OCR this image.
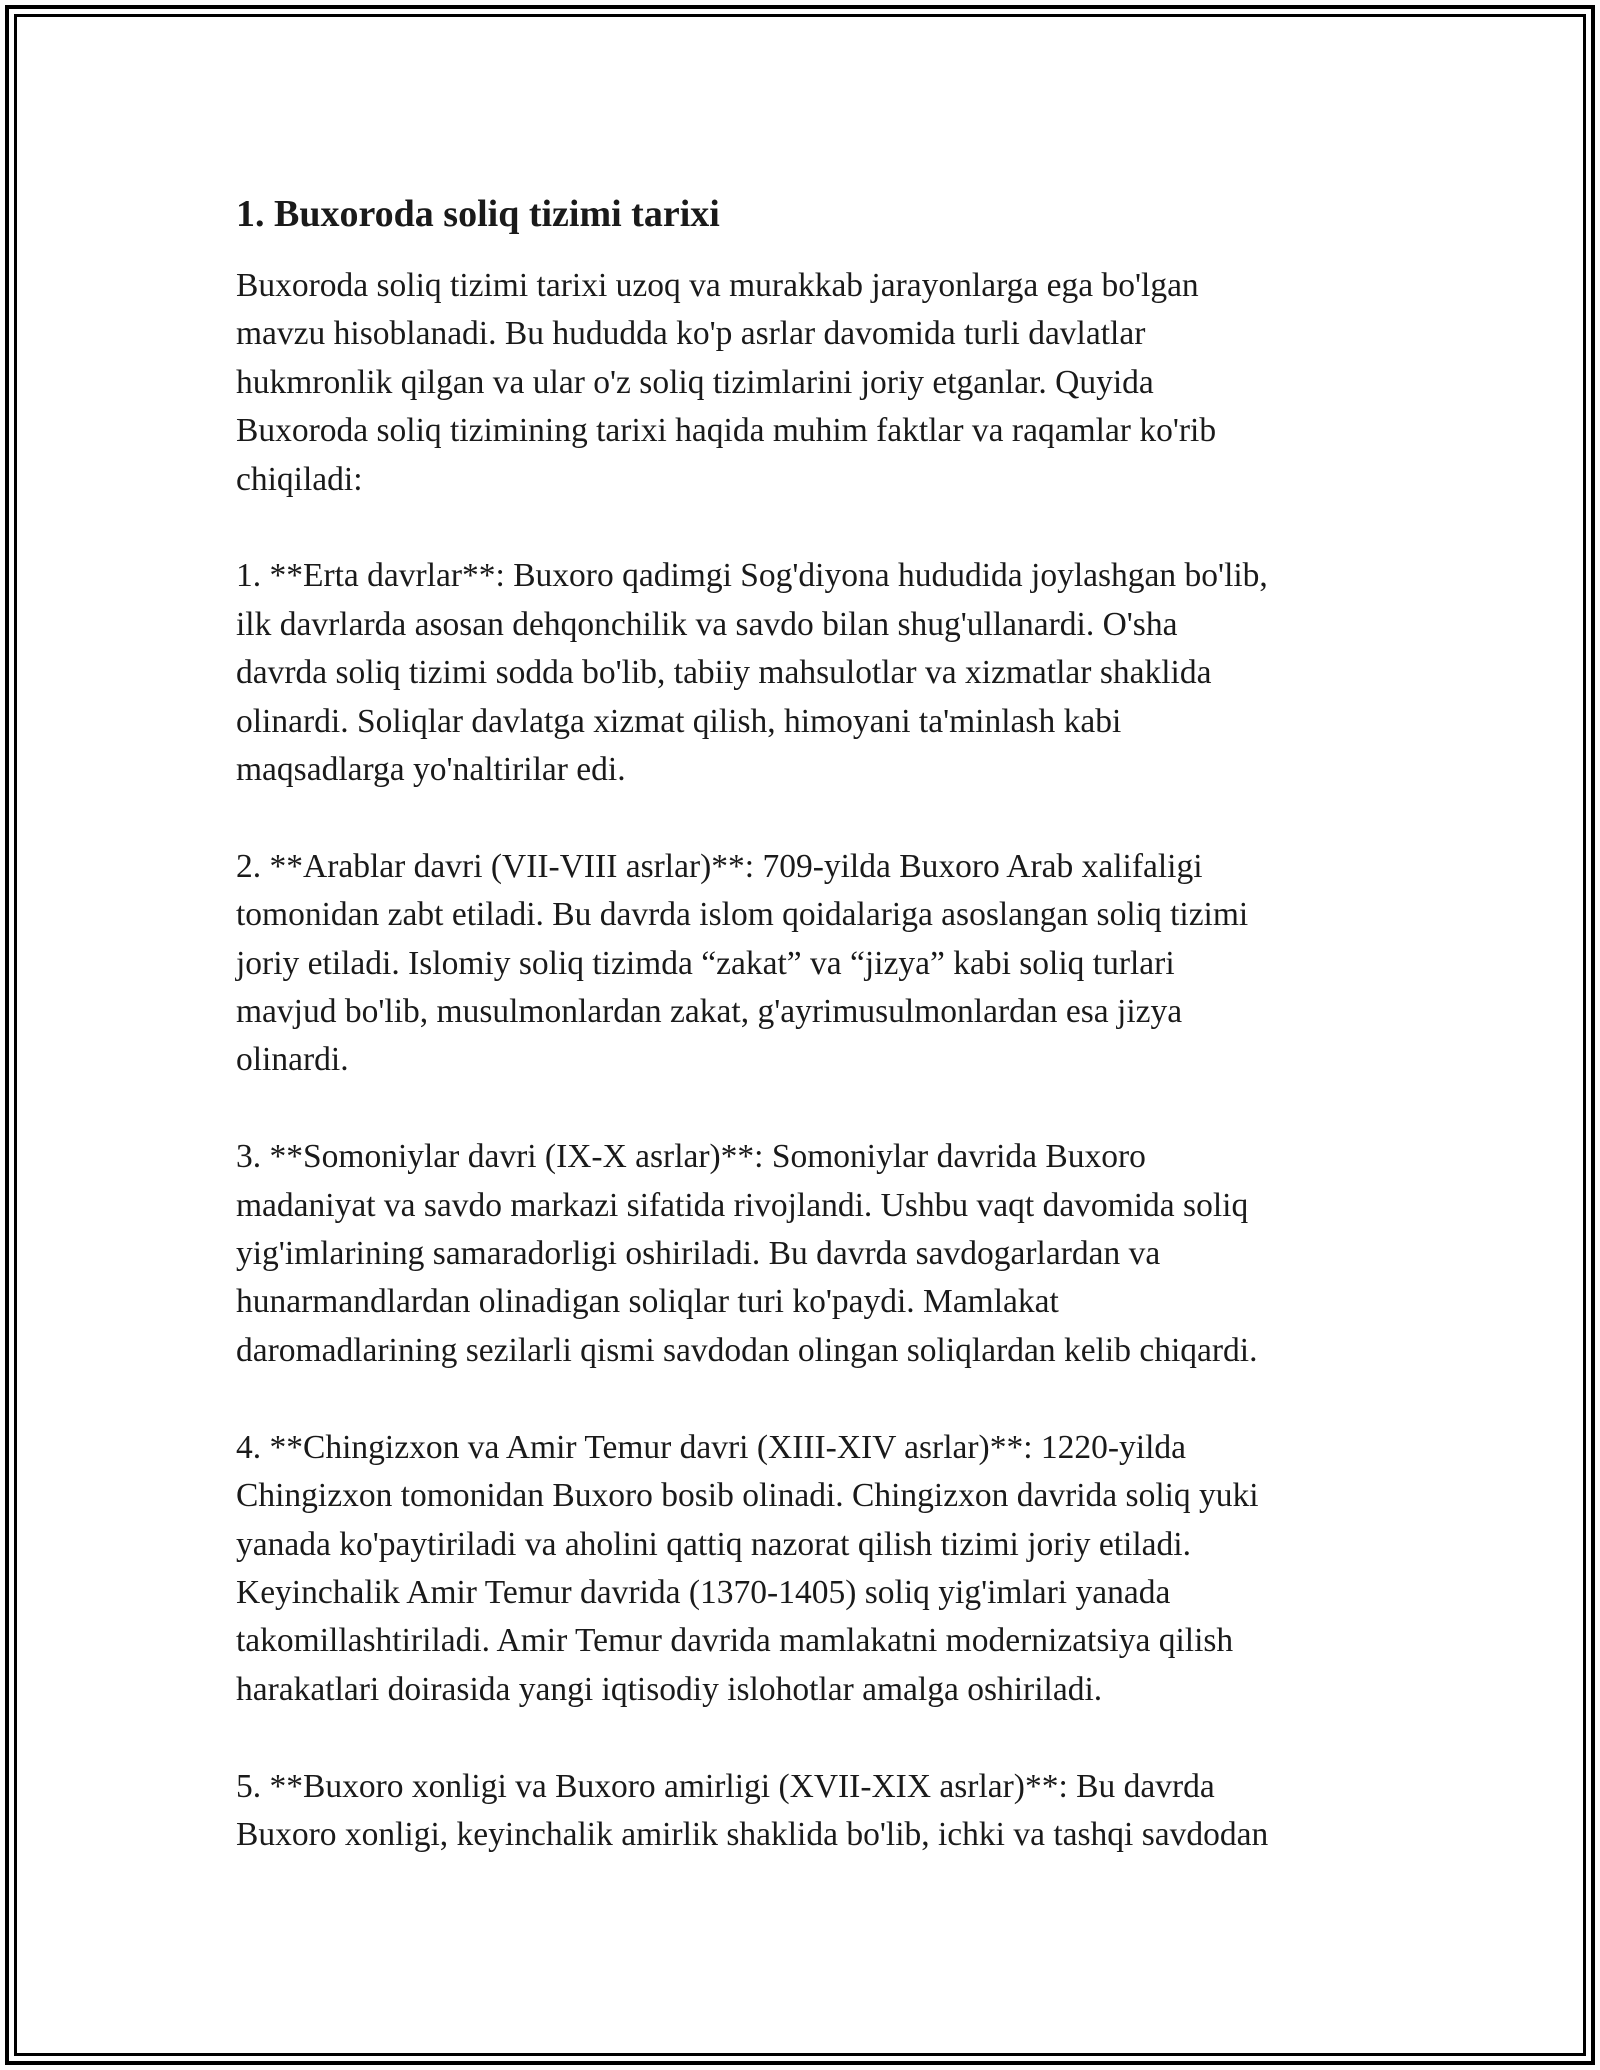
1. Buxoroda soliq tizimi tarixi

Buxoroda soliq tizimi tarixi uzoq va murakkab jarayonlarga ega bo'lgan
mavzu hisoblanadi. Bu hududda ko'p asrlar davomida turli davlatlar
hukmronlik qilgan va ular o'z soliq tizimlarini joriy etganlar. Quyida
Buxoroda soliq tizimining tarixi haqida muhim faktlar va raqamlar ko'rib
chiqiladi:

1. **Erta davrlar**: Buxoro qadimgi Sog'diyona hududida joylashgan bo'lib,
ilk davrlarda asosan dehqonchilik va savdo bilan shug'ullanardi. O'sha
davrda soliq tizimi sodda bo'lib, tabiiy mahsulotlar va xizmatlar shaklida
olinardi. Soliqlar davlatga xizmat qilish, himoyani ta'minlash kabi
maqsadlarga yo'naltirilar edi.

2. **Arablar davri (VII-VIII asrlar)**: 709-yilda Buxoro Arab xalifaligi
tomonidan zabt etiladi. Bu davrda islom qoidalariga asoslangan soliq tizimi
joriy etiladi. Islomiy soliq tizimda “zakat” va “jizya” kabi soliq turlari
mavjud bo'lib, musulmonlardan zakat, g'ayrimusulmonlardan esa jizya
olinardi.

3. **Somoniylar davri (IX-X asrlar)**: Somoniylar davrida Buxoro
madaniyat va savdo markazi sifatida rivojlandi. Ushbu vaqt davomida soliq
yig'imlarining samaradorligi oshiriladi. Bu davrda savdogarlardan va
hunarmandlardan olinadigan soliqlar turi ko'paydi. Mamlakat
daromadlarining sezilarli qismi savdodan olingan soliqlardan kelib chiqardi.

4. **Chingizxon va Amir Temur davri (XIII-XIV asrlar)**: 1220-yilda
Chingizxon tomonidan Buxoro bosib olinadi. Chingizxon davrida soliq yuki
yanada ko'paytiriladi va aholini qattiq nazorat qilish tizimi joriy etiladi.
Keyinchalik Amir Temur davrida (1370-1405) soliq yig'imlari yanada
takomillashtiriladi. Amir Temur davrida mamlakatni modernizatsiya qilish
harakatlari doirasida yangi iqtisodiy islohotlar amalga oshiriladi.

5. **Buxoro xonligi va Buxoro amirligi (XVII-XIX asrlar)**: Bu davrda
Buxoro xonligi, keyinchalik amirlik shaklida bo'lib, ichki va tashqi savdodan
